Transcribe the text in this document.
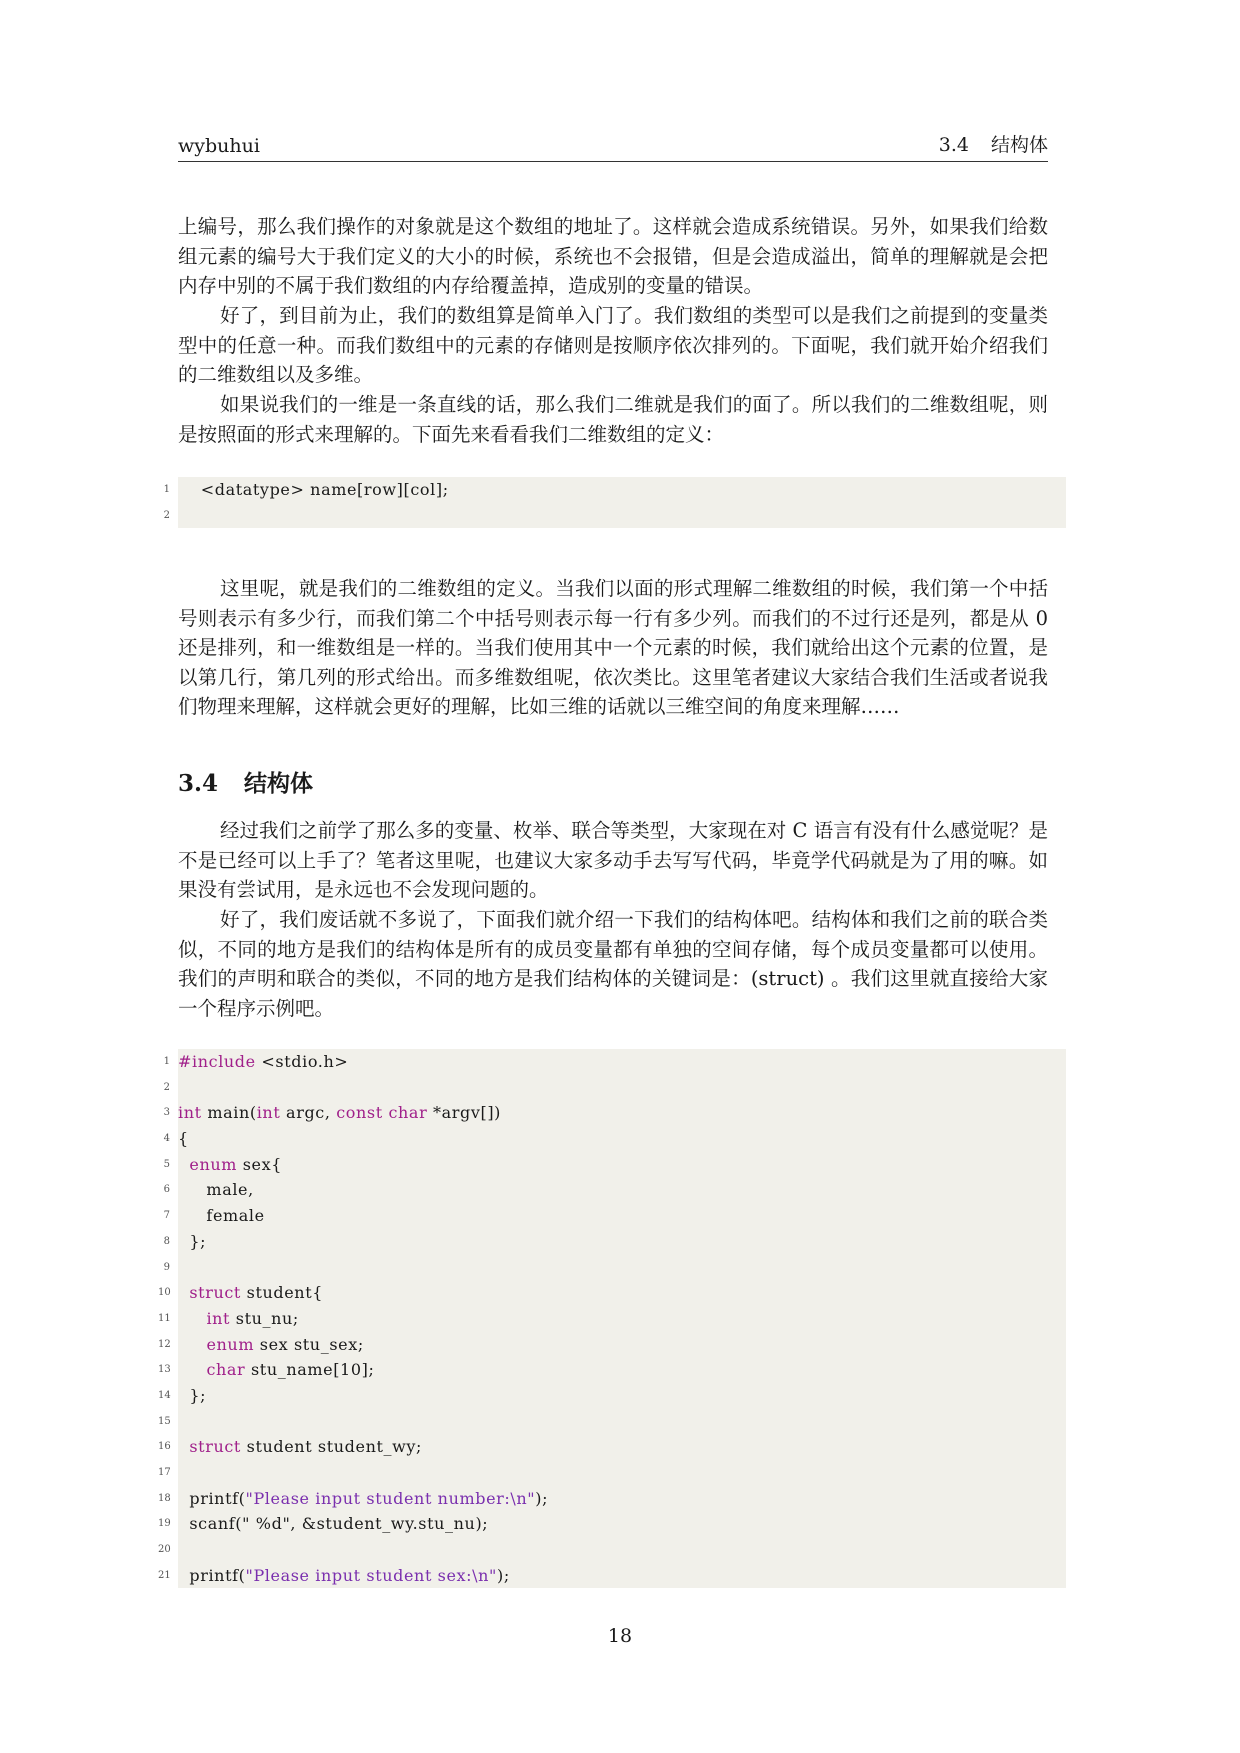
wybuhui	3.4 结构体

上编号，那么我们操作的对象就是这个数组的地址了。这样就会造成系统错误。另外，如果我们给数组元素的编号大于我们定义的大小的时候，系统也不会报错，但是会造成溢出，简单的理解就是会把内存中别的不属于我们数组的内存给覆盖掉，造成别的变量的错误。

好了，到目前为止，我们的数组算是简单入门了。我们数组的类型可以是我们之前提到的变量类型中的任意一种。而我们数组中的元素的存储则是按顺序依次排列的。下面呢，我们就开始介绍我们的二维数组以及多维。

如果说我们的一维是一条直线的话，那么我们二维就是我们的面了。所以我们的二维数组呢，则是按照面的形式来理解的。下面先来看看我们二维数组的定义：

1 <datatype> name[row][col];
2

这里呢，就是我们的二维数组的定义。当我们以面的形式理解二维数组的时候，我们第一个中括号则表示有多少行，而我们第二个中括号则表示每一行有多少列。而我们的不过行还是列，都是从 0 还是排列，和一维数组是一样的。当我们使用其中一个元素的时候，我们就给出这个元素的位置，是以第几行，第几列的形式给出。而多维数组呢，依次类比。这里笔者建议大家结合我们生活或者说我们物理来理解，这样就会更好的理解，比如三维的话就以三维空间的角度来理解……

3.4 结构体

经过我们之前学了那么多的变量、枚举、联合等类型，大家现在对 C 语言有没有什么感觉呢？是不是已经可以上手了？笔者这里呢，也建议大家多动手去写写代码，毕竟学代码就是为了用的嘛。如果没有尝试用，是永远也不会发现问题的。

好了，我们废话就不多说了，下面我们就介绍一下我们的结构体吧。结构体和我们之前的联合类似，不同的地方是我们的结构体是所有的成员变量都有单独的空间存储，每个成员变量都可以使用。我们的声明和联合的类似，不同的地方是我们结构体的关键词是：(struct) 。我们这里就直接给大家一个程序示例吧。

1 #include <stdio.h>
2
3 int main(int argc, const char *argv[])
4 {
5 enum sex{
6 male,
7 female
8 };
9
10 struct student{
11 int stu_nu;
12 enum sex stu_sex;
13 char stu_name[10];
14 };
15
16 struct student student_wy;
17
18 printf("Please input student number:\n");
19 scanf(" %d", &student_wy.stu_nu);
20
21 printf("Please input student sex:\n");
18
